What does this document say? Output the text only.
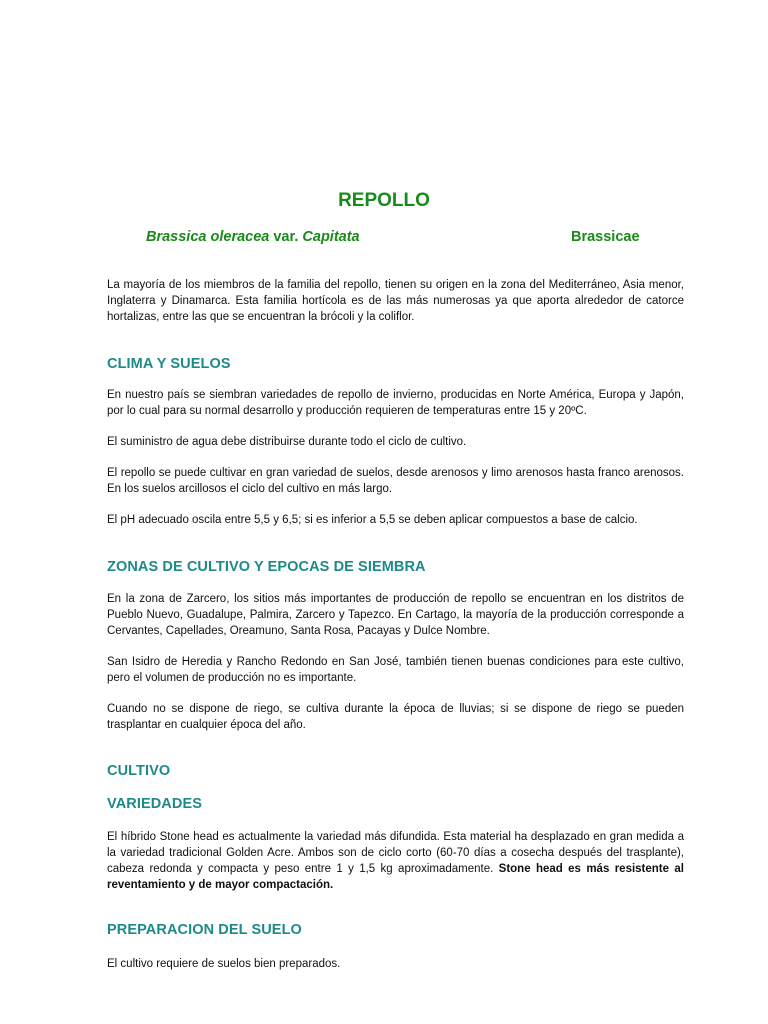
REPOLLO
Brassica oleracea var. Capitata	Brassicae

La mayoría de los miembros de la familia del repollo, tienen su origen en la zona del Mediterráneo, Asia menor, Inglaterra y Dinamarca. Esta familia hortícola es de las más numerosas ya que aporta alrededor de catorce hortalizas, entre las que se encuentran la brócoli y la coliflor.

CLIMA Y SUELOS

En nuestro país se siembran variedades de repollo de invierno, producidas en Norte América, Europa y Japón, por lo cual para su normal desarrollo y producción requieren de temperaturas entre 15 y 20ºC.

El suministro de agua debe distribuirse durante todo el ciclo de cultivo.

El repollo se puede cultivar en gran variedad de suelos, desde arenosos y limo arenosos hasta franco arenosos. En los suelos arcillosos el ciclo del cultivo en más largo.

El pH adecuado oscila entre 5,5 y 6,5; si es inferior a 5,5 se deben aplicar compuestos a base de calcio.

ZONAS DE CULTIVO Y EPOCAS DE SIEMBRA

En la zona de Zarcero, los sitios más importantes de producción de repollo se encuentran en los distritos de Pueblo Nuevo, Guadalupe, Palmira, Zarcero y Tapezco. En Cartago, la mayoría de la producción corresponde a Cervantes, Capellades, Oreamuno, Santa Rosa, Pacayas y Dulce Nombre.

San Isidro de Heredia y Rancho Redondo en San José, también tienen buenas condiciones para este cultivo, pero el volumen de producción no es importante.

Cuando no se dispone de riego, se cultiva durante la época de lluvias; si se dispone de riego se pueden trasplantar en cualquier época del año.

CULTIVO
VARIEDADES

El híbrido Stone head es actualmente la variedad más difundida. Esta material ha desplazado en gran medida a la variedad tradicional Golden Acre. Ambos son de ciclo corto (60-70 días a cosecha después del trasplante), cabeza redonda y compacta y peso entre 1 y 1,5 kg aproximadamente. Stone head es más resistente al reventamiento y de mayor compactación.

PREPARACION DEL SUELO

El cultivo requiere de suelos bien preparados.
